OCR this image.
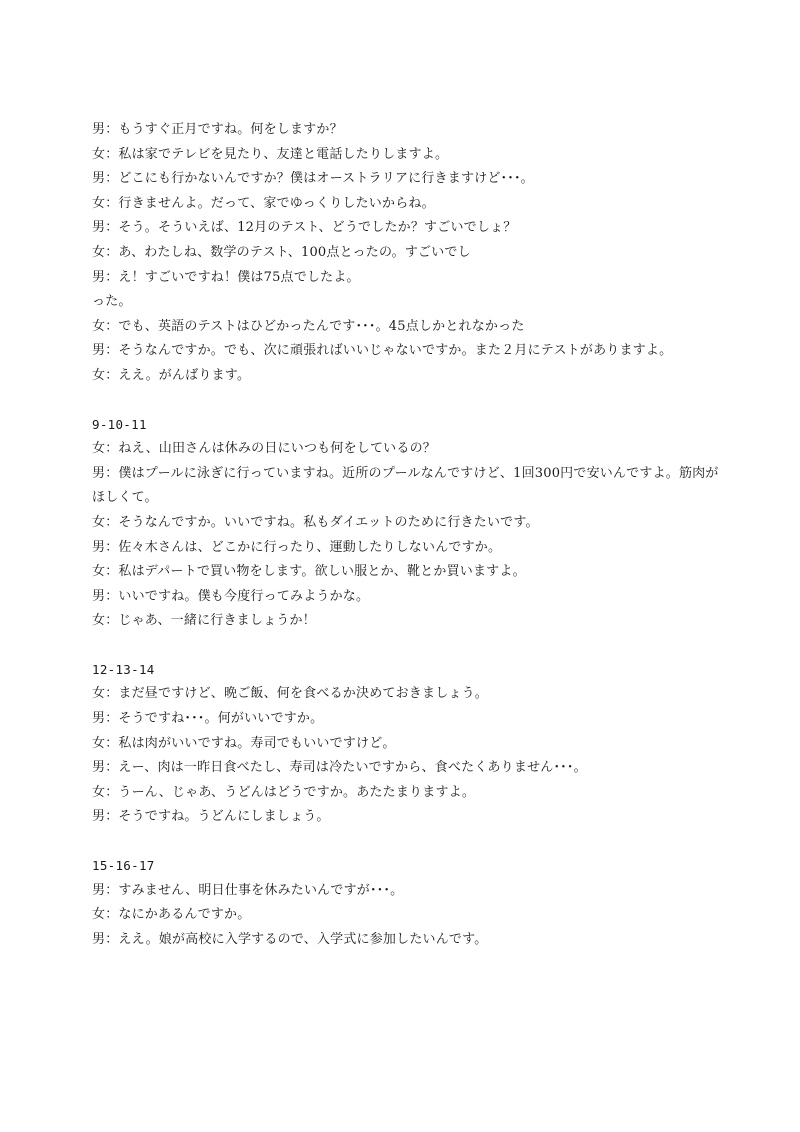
男：もうすぐ正月ですね。何をしますか？
女：私は家でテレビを見たり、友達と電話したりしますよ。
男：どこにも行かないんですか？僕はオーストラリアに行きますけど･･･。
女：行きませんよ。だって、家でゆっくりしたいからね。
男：そう。そういえば、12月のテスト、どうでしたか？すごいでしょ？
女：あ、わたしね、数学のテスト、100点とったの。すごいでし
男：え！すごいですね！僕は75点でしたよ。
った。
女：でも、英語のテストはひどかったんです･･･。45点しかとれなかった
男：そうなんですか。でも、次に頑張ればいいじゃないですか。また２月にテストがありますよ。
女：ええ。がんばります。
9-10-11
女：ねえ、山田さんは休みの日にいつも何をしているの？
男：僕はプールに泳ぎに行っていますね。近所のプールなんですけど、1回300円で安いんですよ。筋肉がほしくて。
女：そうなんですか。いいですね。私もダイエットのために行きたいです。
男：佐々木さんは、どこかに行ったり、運動したりしないんですか。
女：私はデパートで買い物をします。欲しい服とか、靴とか買いますよ。
男：いいですね。僕も今度行ってみようかな。
女：じゃあ、一緒に行きましょうか！
12-13-14
女：まだ昼ですけど、晩ご飯、何を食べるか決めておきましょう。
男：そうですね･･･。何がいいですか。
女：私は肉がいいですね。寿司でもいいですけど。
男：えー、肉は一昨日食べたし、寿司は冷たいですから、食べたくありません･･･。
女：うーん、じゃあ、うどんはどうですか。あたたまりますよ。
男：そうですね。うどんにしましょう。
15-16-17
男：すみません、明日仕事を休みたいんですが･･･。
女：なにかあるんですか。
男：ええ。娘が高校に入学するので、入学式に参加したいんです。
